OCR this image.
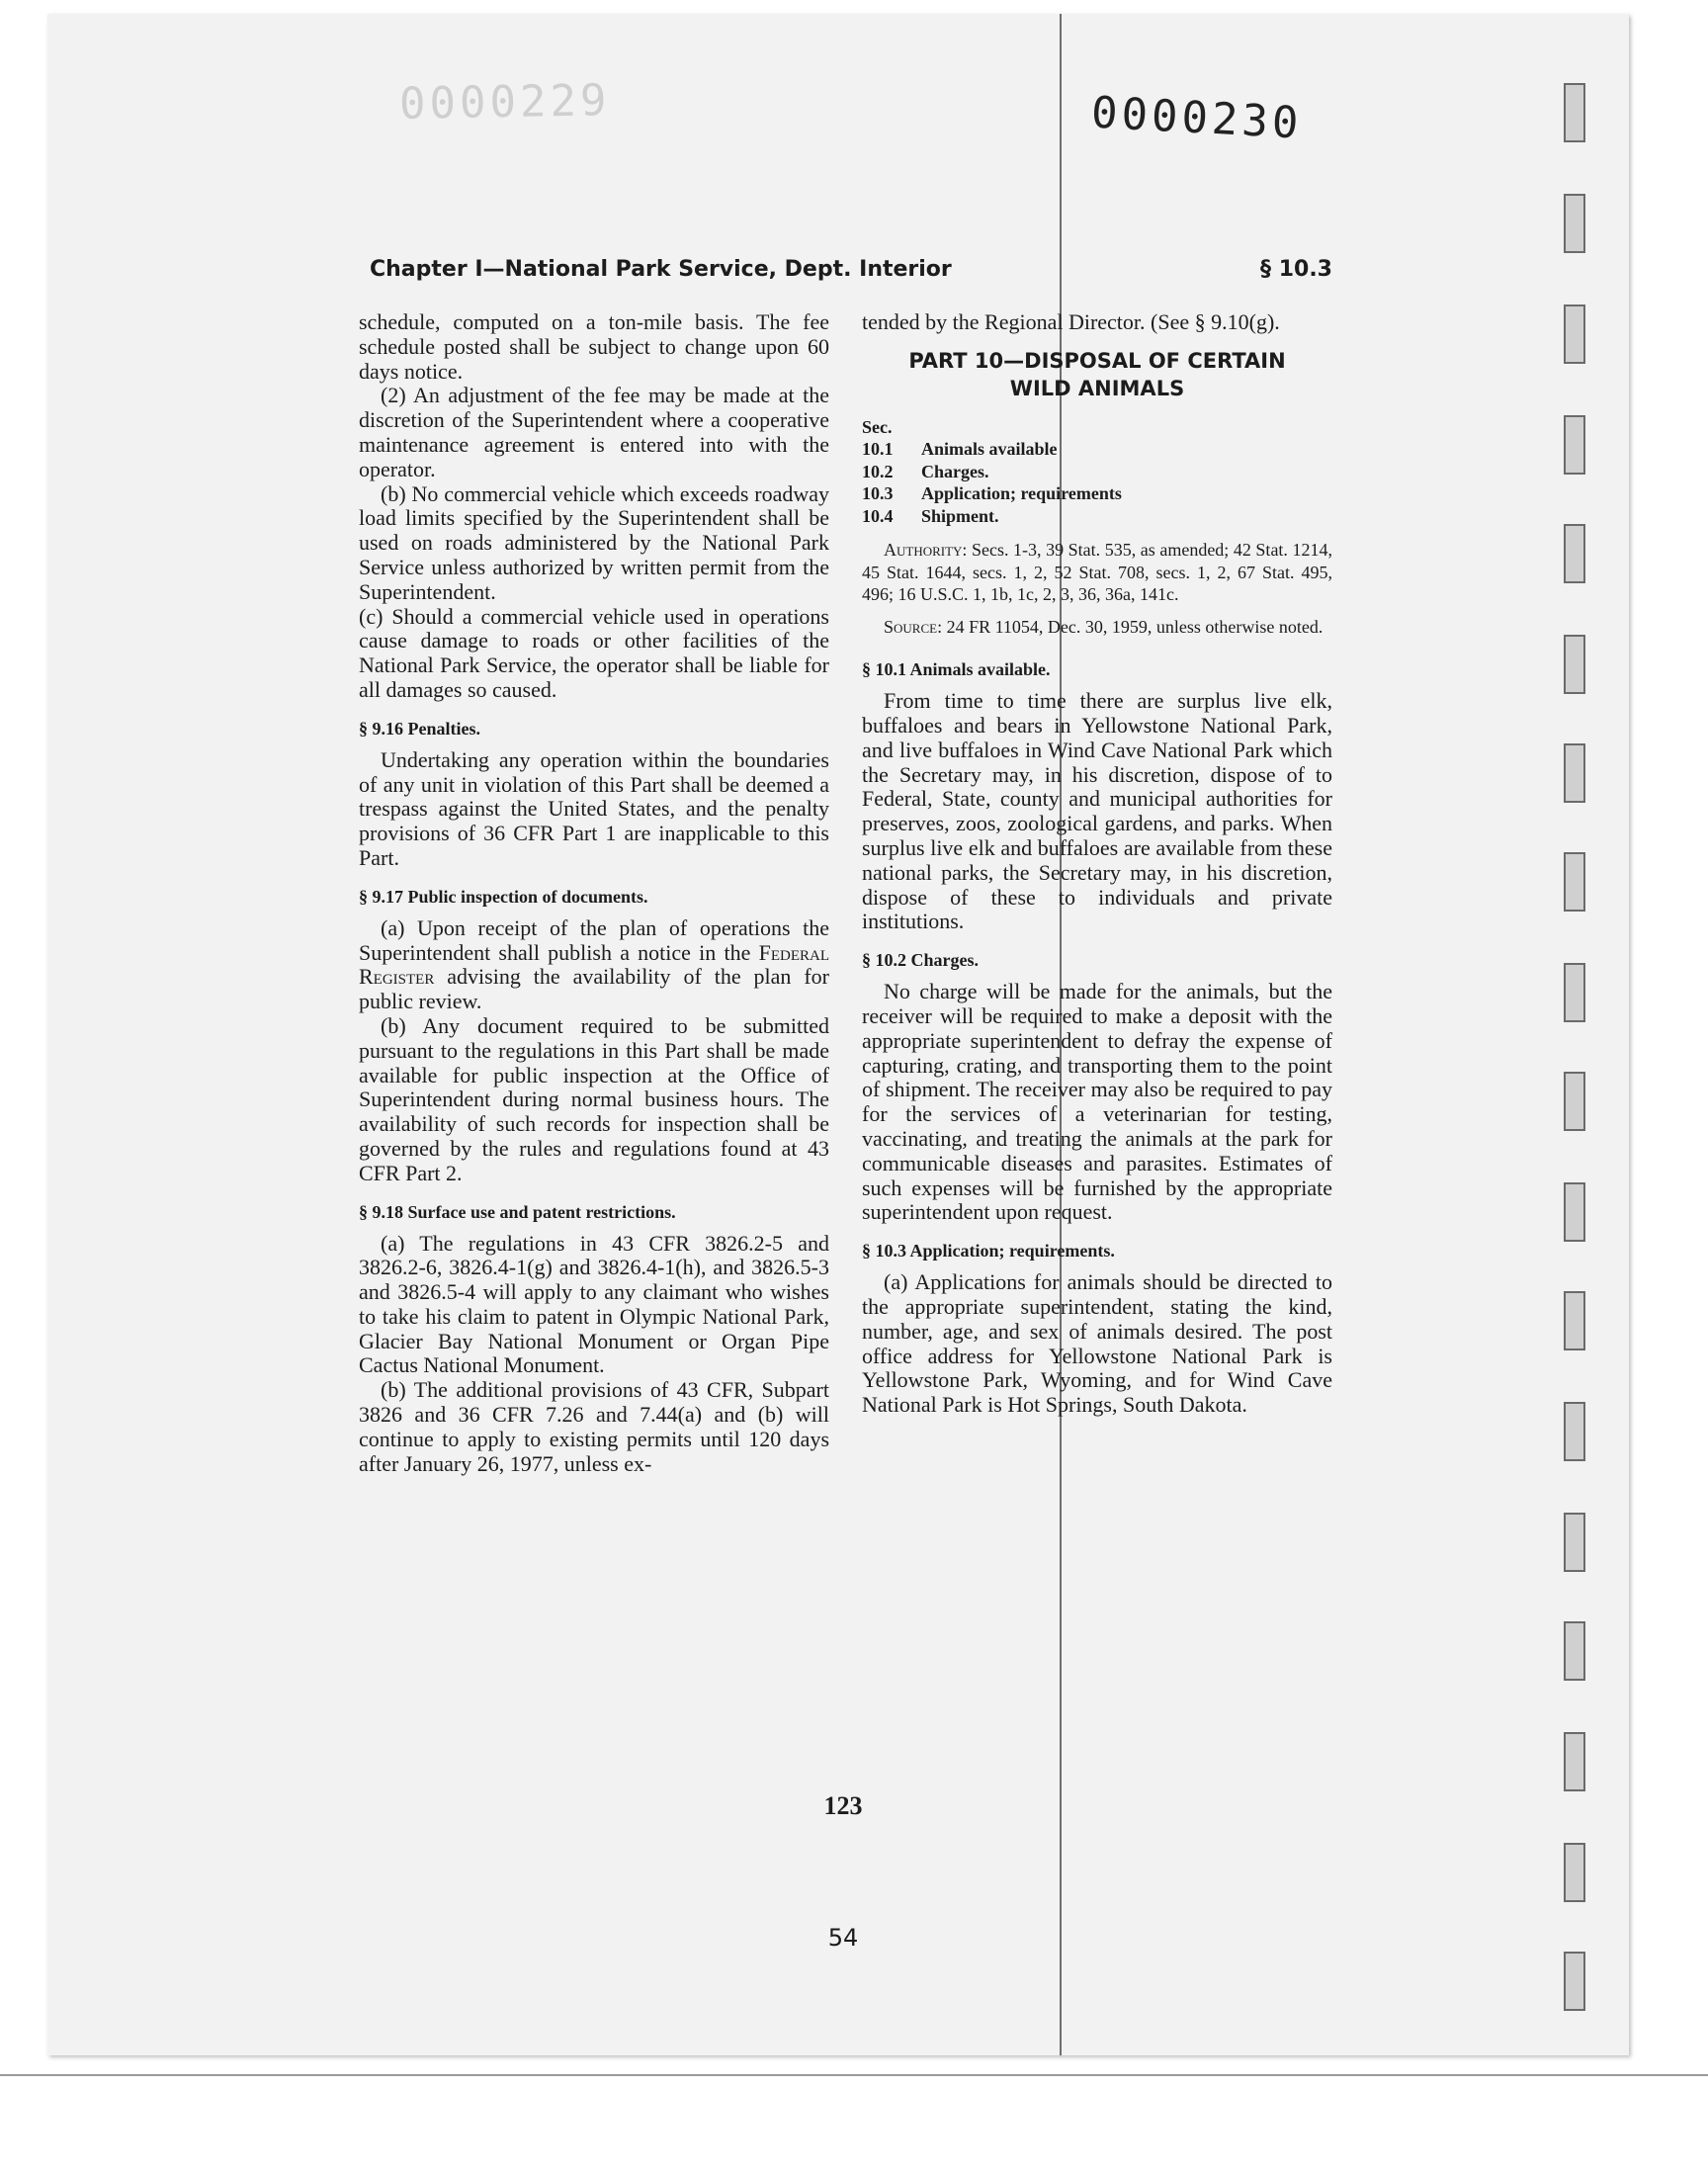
0000229	0000230
Chapter I—National Park Service, Dept. Interior	§ 10.3

schedule, computed on a ton-mile basis. The fee schedule posted shall be subject to change upon 60 days notice.

(2) An adjustment of the fee may be made at the discretion of the Superintendent where a cooperative maintenance agreement is entered into with the operator.

(b) No commercial vehicle which exceeds roadway load limits specified by the Superintendent shall be used on roads administered by the National Park Service unless authorized by written permit from the Superintendent.

(c) Should a commercial vehicle used in operations cause damage to roads or other facilities of the National Park Service, the operator shall be liable for all damages so caused.

§ 9.16 Penalties.

Undertaking any operation within the boundaries of any unit in violation of this Part shall be deemed a trespass against the United States, and the penalty provisions of 36 CFR Part 1 are inapplicable to this Part.

§ 9.17 Public inspection of documents.

(a) Upon receipt of the plan of operations the Superintendent shall publish a notice in the Federal Register advising the availability of the plan for public review.

(b) Any document required to be submitted pursuant to the regulations in this Part shall be made available for public inspection at the Office of Superintendent during normal business hours. The availability of such records for inspection shall be governed by the rules and regulations found at 43 CFR Part 2.

§ 9.18 Surface use and patent restrictions.

(a) The regulations in 43 CFR 3826.2-5 and 3826.2-6, 3826.4-1(g) and 3826.4-1(h), and 3826.5-3 and 3826.5-4 will apply to any claimant who wishes to take his claim to patent in Olympic National Park, Glacier Bay National Monument or Organ Pipe Cactus National Monument.

(b) The additional provisions of 43 CFR, Subpart 3826 and 36 CFR 7.26 and 7.44(a) and (b) will continue to apply to existing permits until 120 days after January 26, 1977, unless ex-

tended by the Regional Director. (See § 9.10(g).

PART 10—DISPOSAL OF CERTAIN
WILD ANIMALS

Sec.

10.1 Animals available

10.2 Charges.

10.3 Application; requirements

10.4 Shipment.

Authority: Secs. 1-3, 39 Stat. 535, as amended; 42 Stat. 1214, 45 Stat. 1644, secs. 1, 2, 52 Stat. 708, secs. 1, 2, 67 Stat. 495, 496; 16 U.S.C. 1, 1b, 1c, 2, 3, 36, 36a, 141c.

Source: 24 FR 11054, Dec. 30, 1959, unless otherwise noted.

§ 10.1 Animals available.

From time to time there are surplus live elk, buffaloes and bears in Yellowstone National Park, and live buffaloes in Wind Cave National Park which the Secretary may, in his discretion, dispose of to Federal, State, county and municipal authorities for preserves, zoos, zoological gardens, and parks. When surplus live elk and buffaloes are available from these national parks, the Secretary may, in his discretion, dispose of these to individuals and private institutions.

§ 10.2 Charges.

No charge will be made for the animals, but the receiver will be required to make a deposit with the appropriate superintendent to defray the expense of capturing, crating, and transporting them to the point of shipment. The receiver may also be required to pay for the services of a veterinarian for testing, vaccinating, and treating the animals at the park for communicable diseases and parasites. Estimates of such expenses will be furnished by the appropriate superintendent upon request.

§ 10.3 Application; requirements.

(a) Applications for animals should be directed to the appropriate superintendent, stating the kind, number, age, and sex of animals desired. The post office address for Yellowstone National Park is Yellowstone Park, Wyoming, and for Wind Cave National Park is Hot Springs, South Dakota.

123
54
